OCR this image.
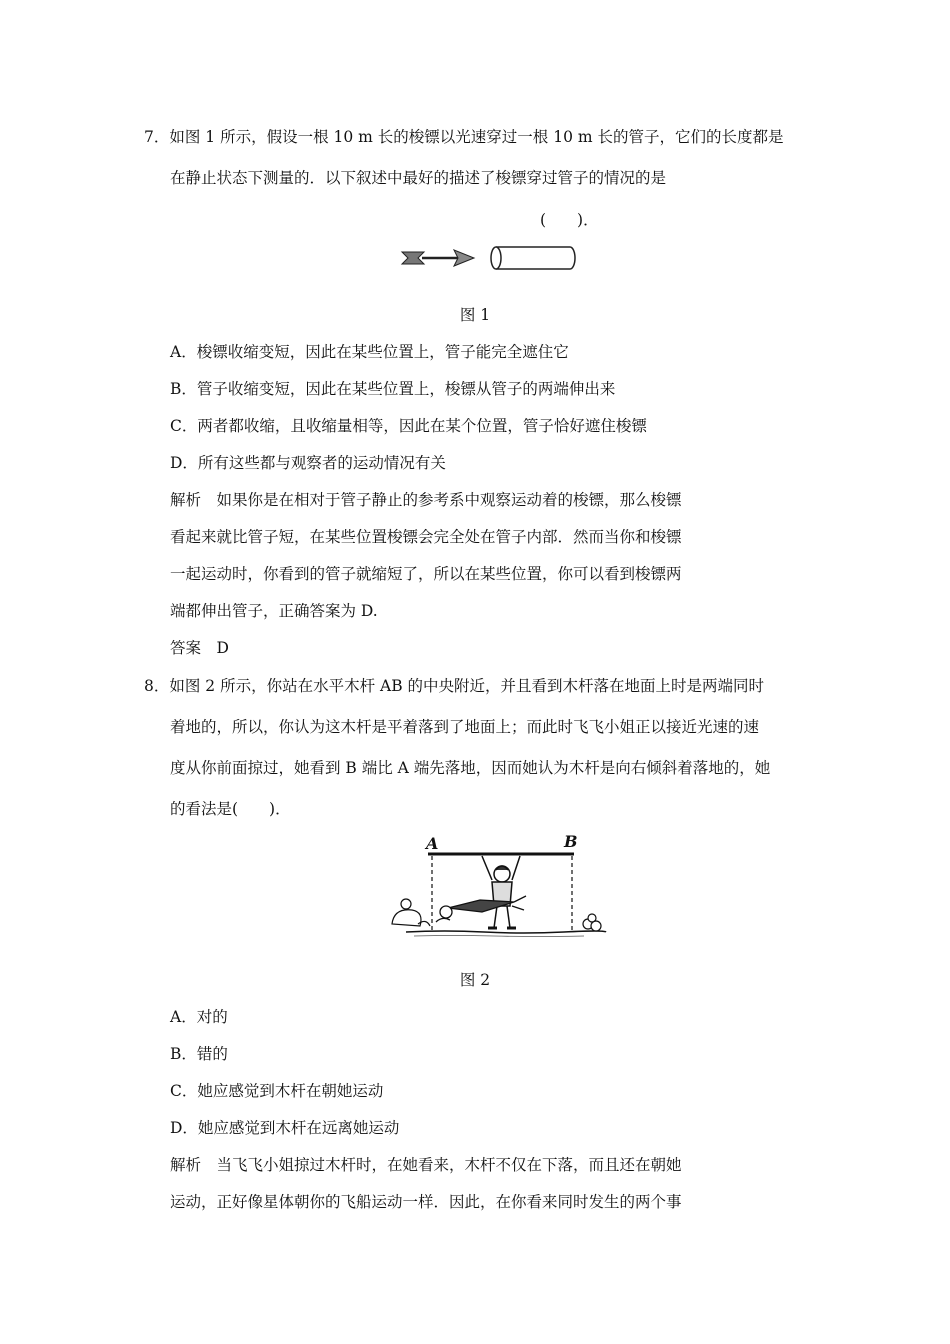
7．如图 1 所示，假设一根 10 m 长的梭镖以光速穿过一根 10 m 长的管子，它们的长度都是
在静止状态下测量的．以下叙述中最好的描述了梭镖穿过管子的情况的是
(　　)．
图 1
A．梭镖收缩变短，因此在某些位置上，管子能完全遮住它
B．管子收缩变短，因此在某些位置上，梭镖从管子的两端伸出来
C．两者都收缩，且收缩量相等，因此在某个位置，管子恰好遮住梭镖
D．所有这些都与观察者的运动情况有关
解析　如果你是在相对于管子静止的参考系中观察运动着的梭镖，那么梭镖
看起来就比管子短，在某些位置梭镖会完全处在管子内部．然而当你和梭镖
一起运动时，你看到的管子就缩短了，所以在某些位置，你可以看到梭镖两
端都伸出管子，正确答案为 D.
答案　D
8．如图 2 所示，你站在水平木杆 AB 的中央附近，并且看到木杆落在地面上时是两端同时
着地的，所以，你认为这木杆是平着落到了地面上；而此时飞飞小姐正以接近光速的速
度从你前面掠过，她看到 B 端比 A 端先落地，因而她认为木杆是向右倾斜着落地的，她
的看法是(　　)．
A	B
图 2
A．对的
B．错的
C．她应感觉到木杆在朝她运动
D．她应感觉到木杆在远离她运动
解析　当飞飞小姐掠过木杆时，在她看来，木杆不仅在下落，而且还在朝她
运动，正好像星体朝你的飞船运动一样．因此，在你看来同时发生的两个事
